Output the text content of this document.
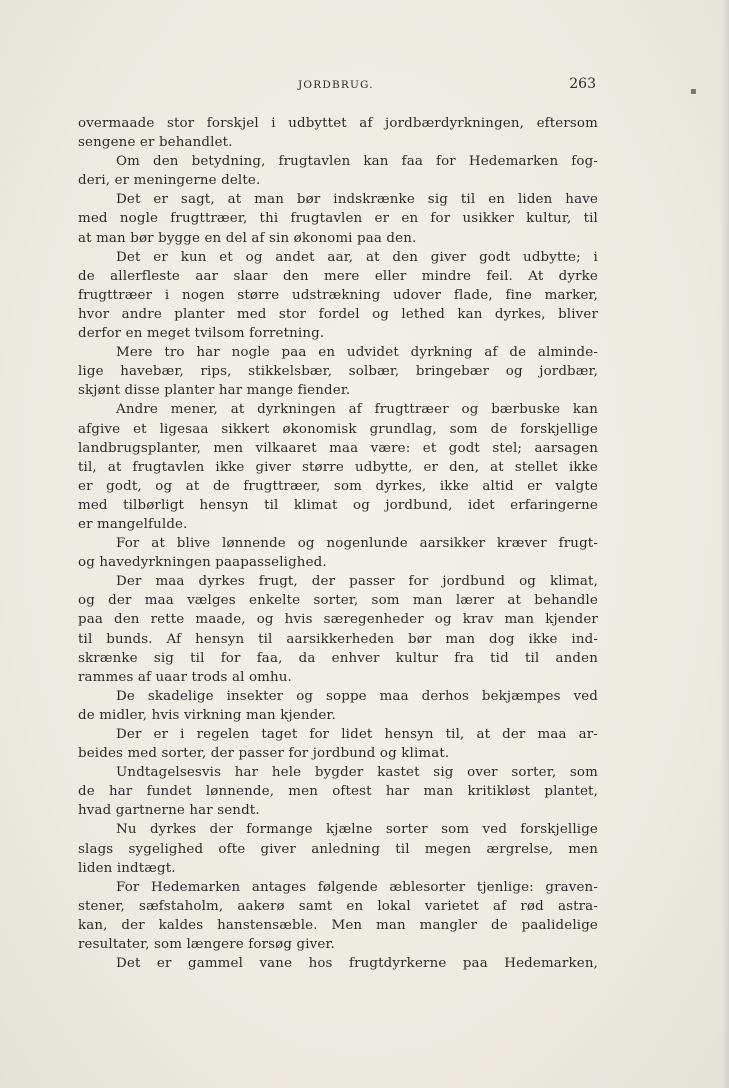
JORDBRUG.	263	▪
overmaade stor forskjel i udbyttet af jordbærdyrkningen, eftersom
sengene er behandlet.
Om den betydning, frugtavlen kan faa for Hedemarken fog-
deri, er meningerne delte.
Det er sagt, at man bør indskrænke sig til en liden have
med nogle frugttræer, thi frugtavlen er en for usikker kultur, til
at man bør bygge en del af sin økonomi paa den.
Det er kun et og andet aar, at den giver godt udbytte; i
de allerfleste aar slaar den mere eller mindre feil. At dyrke
frugttræer i nogen større udstrækning udover flade, fine marker,
hvor andre planter med stor fordel og lethed kan dyrkes, bliver
derfor en meget tvilsom forretning.
Mere tro har nogle paa en udvidet dyrkning af de alminde-
lige havebær, rips, stikkelsbær, solbær, bringebær og jordbær,
skjønt disse planter har mange fiender.
Andre mener, at dyrkningen af frugttræer og bærbuske kan
afgive et ligesaa sikkert økonomisk grundlag, som de forskjellige
landbrugsplanter, men vilkaaret maa være: et godt stel; aarsagen
til, at frugtavlen ikke giver større udbytte, er den, at stellet ikke
er godt, og at de frugttræer, som dyrkes, ikke altid er valgte
med tilbørligt hensyn til klimat og jordbund, idet erfaringerne
er mangelfulde.
For at blive lønnende og nogenlunde aarsikker kræver frugt-
og havedyrkningen paapasselighed.
Der maa dyrkes frugt, der passer for jordbund og klimat,
og der maa vælges enkelte sorter, som man lærer at behandle
paa den rette maade, og hvis særegenheder og krav man kjender
til bunds. Af hensyn til aarsikkerheden bør man dog ikke ind-
skrænke sig til for faa, da enhver kultur fra tid til anden
rammes af uaar trods al omhu.
De skadelige insekter og soppe maa derhos bekjæmpes ved
de midler, hvis virkning man kjender.
Der er i regelen taget for lidet hensyn til, at der maa ar-
beides med sorter, der passer for jordbund og klimat.
Undtagelsesvis har hele bygder kastet sig over sorter, som
de har fundet lønnende, men oftest har man kritikløst plantet,
hvad gartnerne har sendt.
Nu dyrkes der formange kjælne sorter som ved forskjellige
slags sygelighed ofte giver anledning til megen ærgrelse, men
liden indtægt.
For Hedemarken antages følgende æblesorter tjenlige: graven-
stener, sæfstaholm, aakerø samt en lokal varietet af rød astra-
kan, der kaldes hanstensæble. Men man mangler de paalidelige
resultater, som længere forsøg giver.
Det er gammel vane hos frugtdyrkerne paa Hedemarken,
